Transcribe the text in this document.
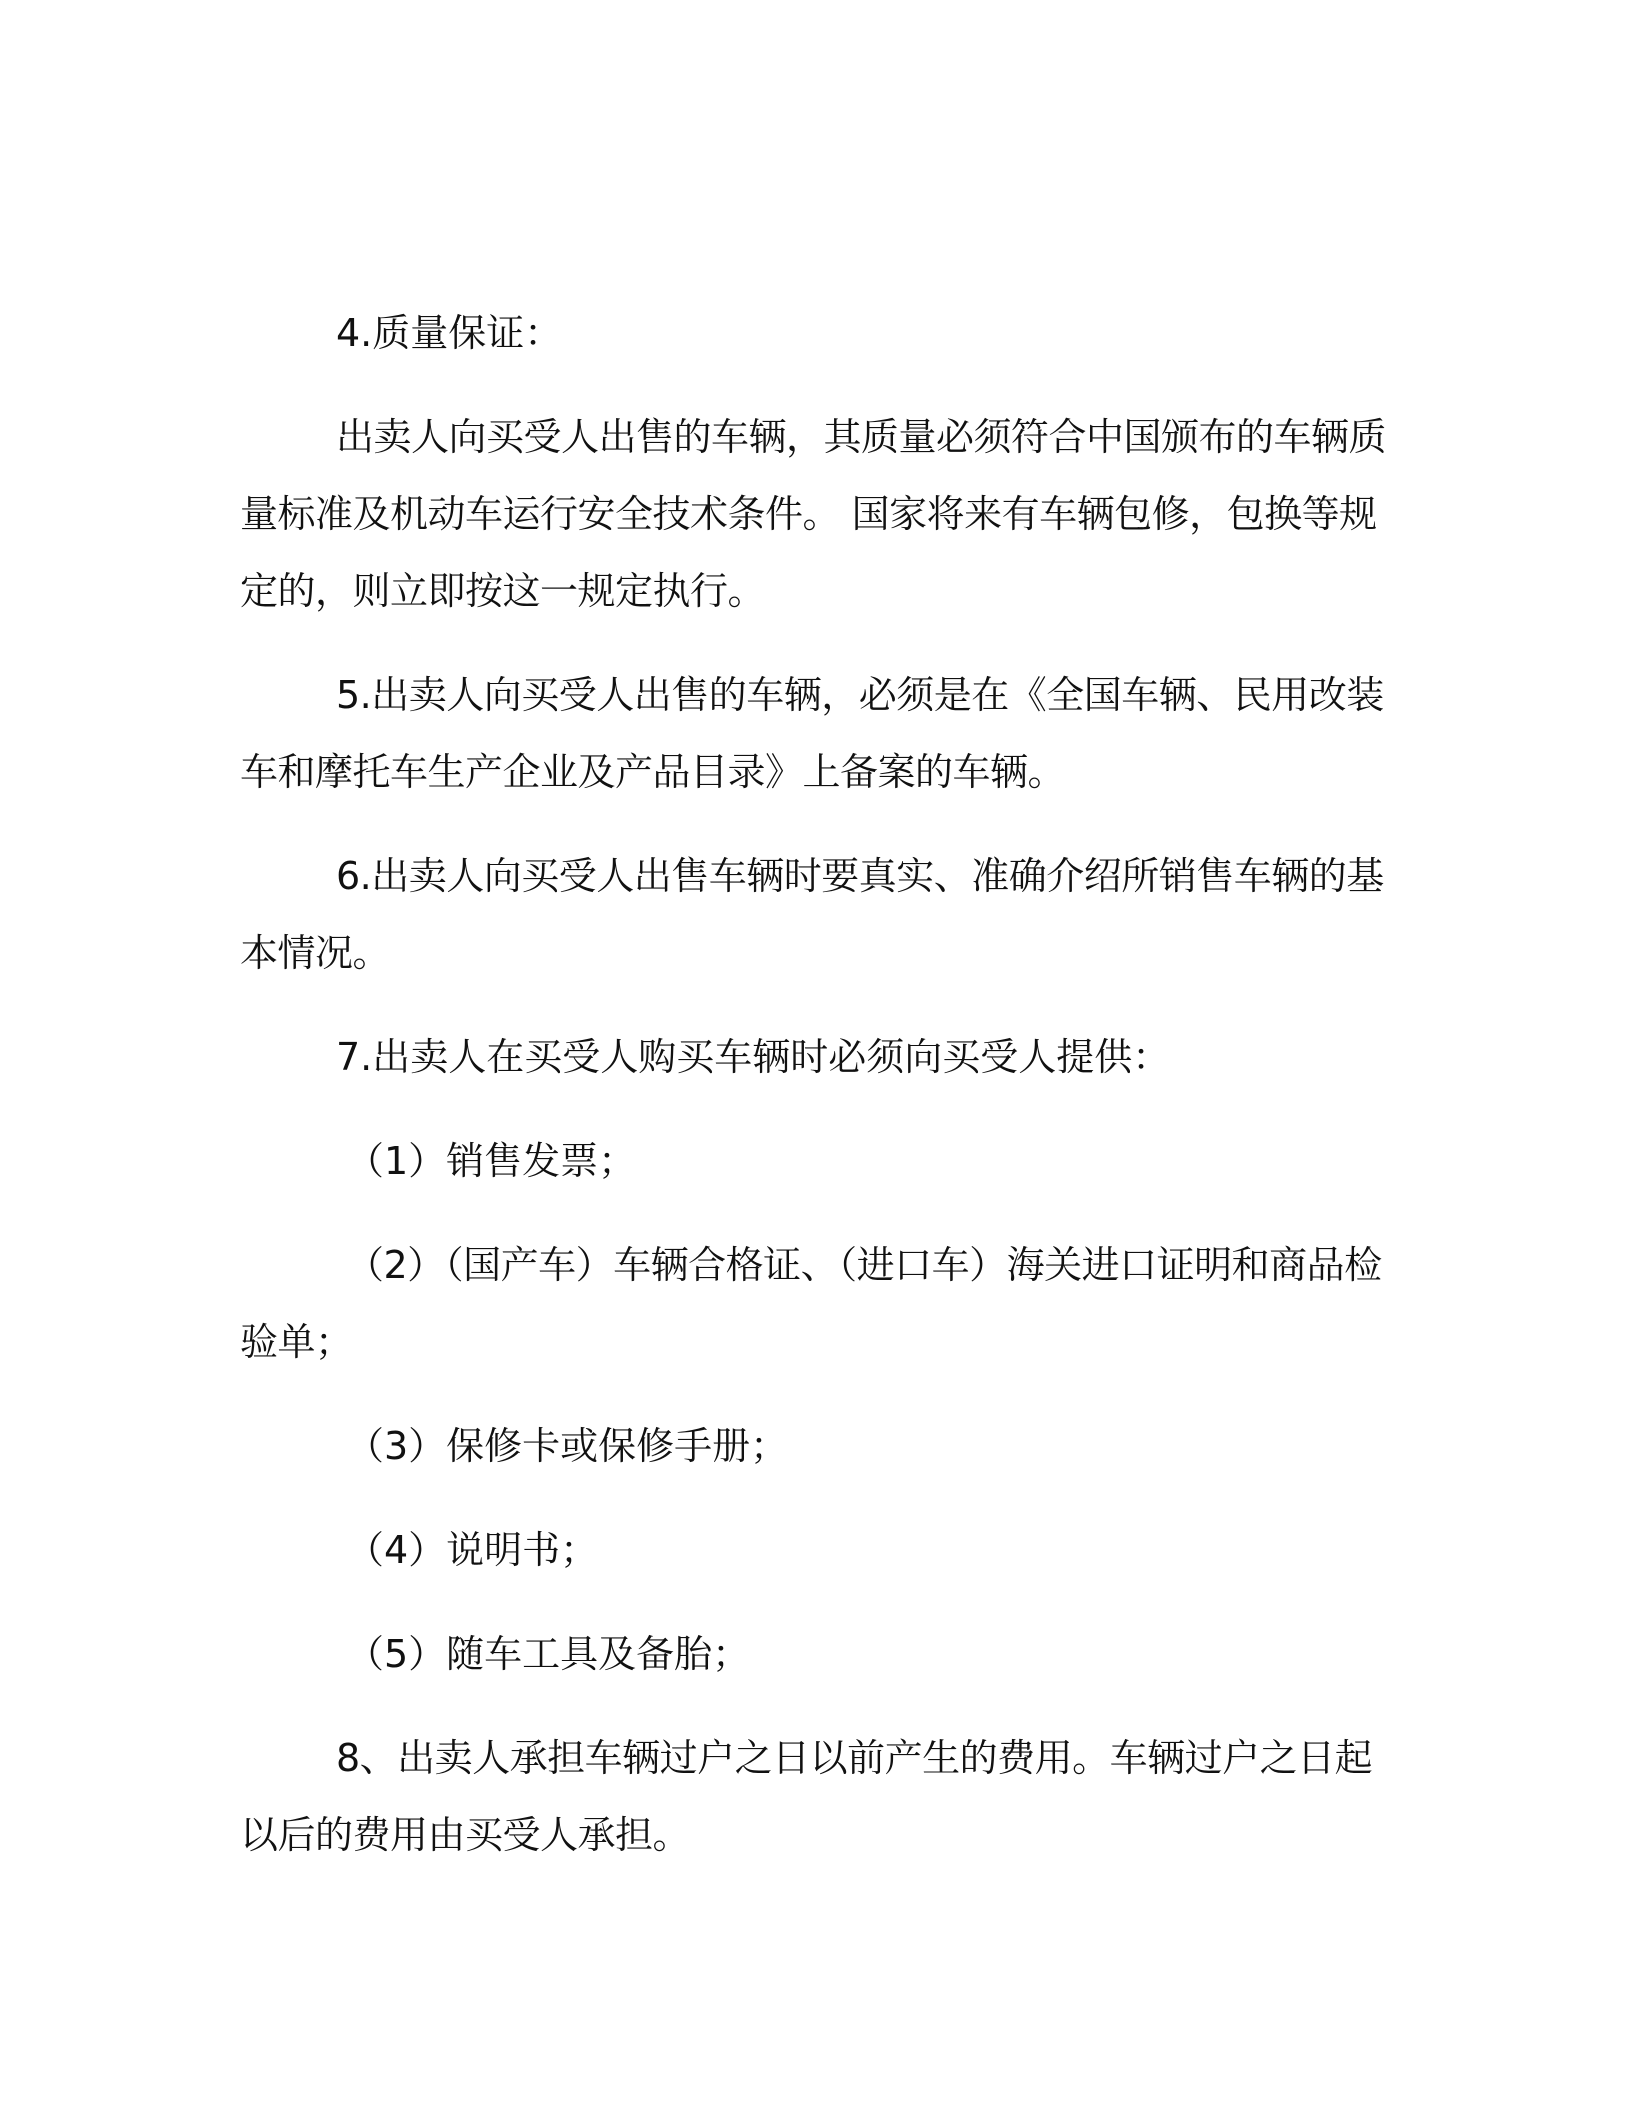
4.质量保证：

出卖人向买受人出售的车辆，其质量必须符合中国颁布的车辆质量标准及机动车运行安全技术条件。 国家将来有车辆包修，包换等规定的，则立即按这一规定执行。

5.出卖人向买受人出售的车辆，必须是在《全国车辆、民用改装车和摩托车生产企业及产品目录》上备案的车辆。

6.出卖人向买受人出售车辆时要真实、准确介绍所销售车辆的基本情况。

7.出卖人在买受人购买车辆时必须向买受人提供：

（1）销售发票；

（2）（国产车）车辆合格证、（进口车）海关进口证明和商品检验单；

（3）保修卡或保修手册；

（4）说明书；

（5）随车工具及备胎；

8、出卖人承担车辆过户之日以前产生的费用。车辆过户之日起以后的费用由买受人承担。
